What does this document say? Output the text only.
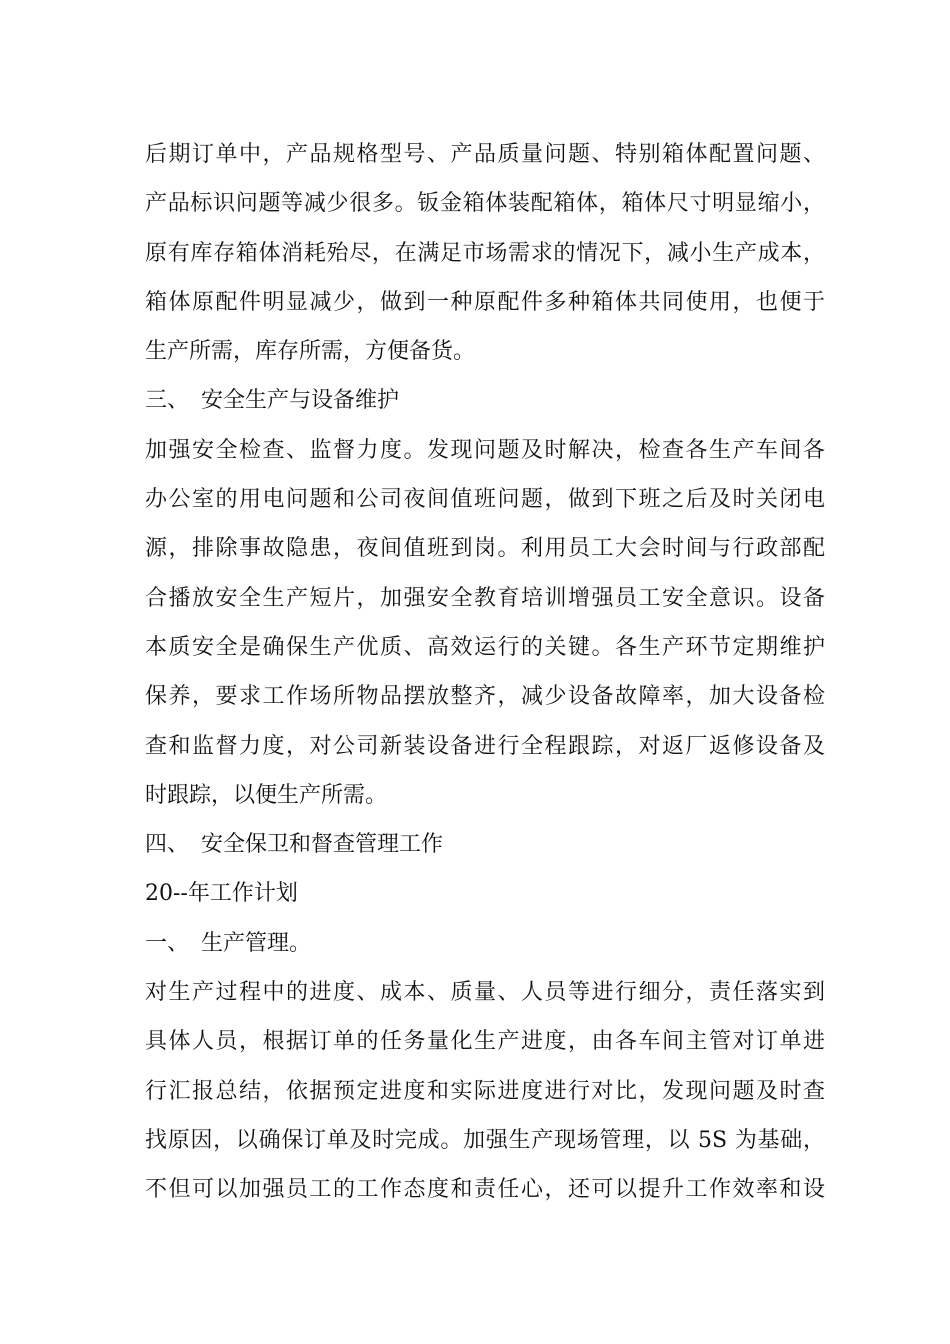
后期订单中，产品规格型号、产品质量问题、特别箱体配置问题、
产品标识问题等减少很多。钣金箱体装配箱体，箱体尺寸明显缩小，
原有库存箱体消耗殆尽，在满足市场需求的情况下，减小生产成本，
箱体原配件明显减少，做到一种原配件多种箱体共同使用，也便于
生产所需，库存所需，方便备货。

三、 安全生产与设备维护

加强安全检查、监督力度。发现问题及时解决，检查各生产车间各
办公室的用电问题和公司夜间值班问题，做到下班之后及时关闭电
源，排除事故隐患，夜间值班到岗。利用员工大会时间与行政部配
合播放安全生产短片，加强安全教育培训增强员工安全意识。设备
本质安全是确保生产优质、高效运行的关键。各生产环节定期维护
保养，要求工作场所物品摆放整齐，减少设备故障率，加大设备检
查和监督力度，对公司新装设备进行全程跟踪，对返厂返修设备及
时跟踪，以便生产所需。

四、 安全保卫和督查管理工作

20--年工作计划

一、 生产管理。

对生产过程中的进度、成本、质量、人员等进行细分，责任落实到
具体人员，根据订单的任务量化生产进度，由各车间主管对订单进
行汇报总结，依据预定进度和实际进度进行对比，发现问题及时查
找原因，以确保订单及时完成。加强生产现场管理，以 5S 为基础，
不但可以加强员工的工作态度和责任心，还可以提升工作效率和设
